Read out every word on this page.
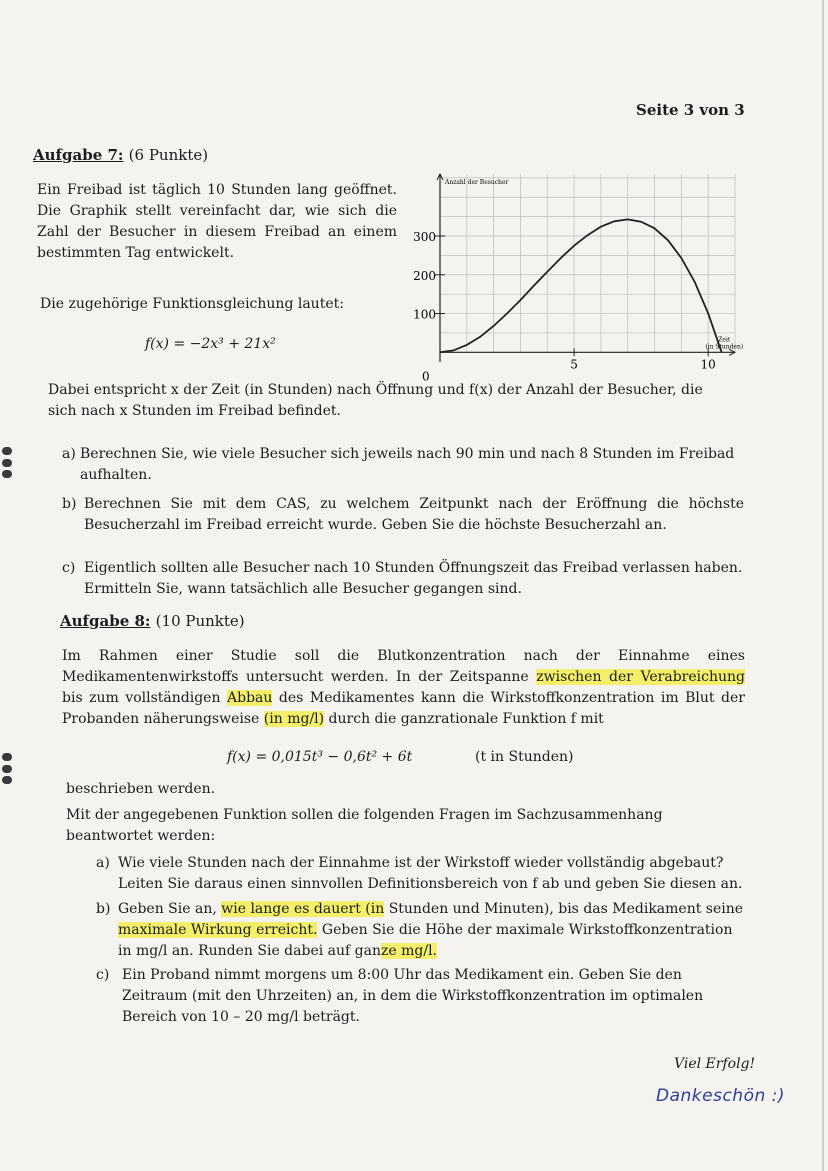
Seite 3 von 3
Aufgabe 7: (6 Punkte)
Ein Freibad ist täglich 10 Stunden lang geöffnet.
Die Graphik stellt vereinfacht dar, wie sich die
Zahl der Besucher in diesem Freibad an einem
bestimmten Tag entwickelt.
Die zugehörige Funktionsgleichung lautet:
f(x) = −2x³ + 21x²
100
200
300
5	10
Anzahl der Besucher
Zeit (in Stunden)
0
Dabei entspricht x der Zeit (in Stunden) nach Öffnung und f(x) der Anzahl der Besucher, die
sich nach x Stunden im Freibad befindet.
a) Berechnen Sie, wie viele Besucher sich jeweils nach 90 min und nach 8 Stunden im Freibad
aufhalten.
b) Berechnen Sie mit dem CAS, zu welchem Zeitpunkt nach der Eröffnung die höchste
Besucherzahl im Freibad erreicht wurde. Geben Sie die höchste Besucherzahl an.
c) Eigentlich sollten alle Besucher nach 10 Stunden Öffnungszeit das Freibad verlassen haben.
Ermitteln Sie, wann tatsächlich alle Besucher gegangen sind.
Aufgabe 8: (10 Punkte)
Im Rahmen einer Studie soll die Blutkonzentration nach der Einnahme eines
Medikamentenwirkstoffs untersucht werden. In der Zeitspanne zwischen der Verabreichung
bis zum vollständigen Abbau des Medikamentes kann die Wirkstoffkonzentration im Blut der
Probanden näherungsweise (in mg/l) durch die ganzrationale Funktion f mit
f(x) = 0,015t³ − 0,6t² + 6t	(t in Stunden)
beschrieben werden.
Mit der angegebenen Funktion sollen die folgenden Fragen im Sachzusammenhang
beantwortet werden:
a) Wie viele Stunden nach der Einnahme ist der Wirkstoff wieder vollständig abgebaut?
Leiten Sie daraus einen sinnvollen Definitionsbereich von f ab und geben Sie diesen an.
b) Geben Sie an, wie lange es dauert (in Stunden und Minuten), bis das Medikament seine
maximale Wirkung erreicht. Geben Sie die Höhe der maximale Wirkstoffkonzentration
in mg/l an. Runden Sie dabei auf ganze mg/l.
c) Ein Proband nimmt morgens um 8:00 Uhr das Medikament ein. Geben Sie den
Zeitraum (mit den Uhrzeiten) an, in dem die Wirkstoffkonzentration im optimalen
Bereich von 10 – 20 mg/l beträgt.
Viel Erfolg!
Dankeschön :)
